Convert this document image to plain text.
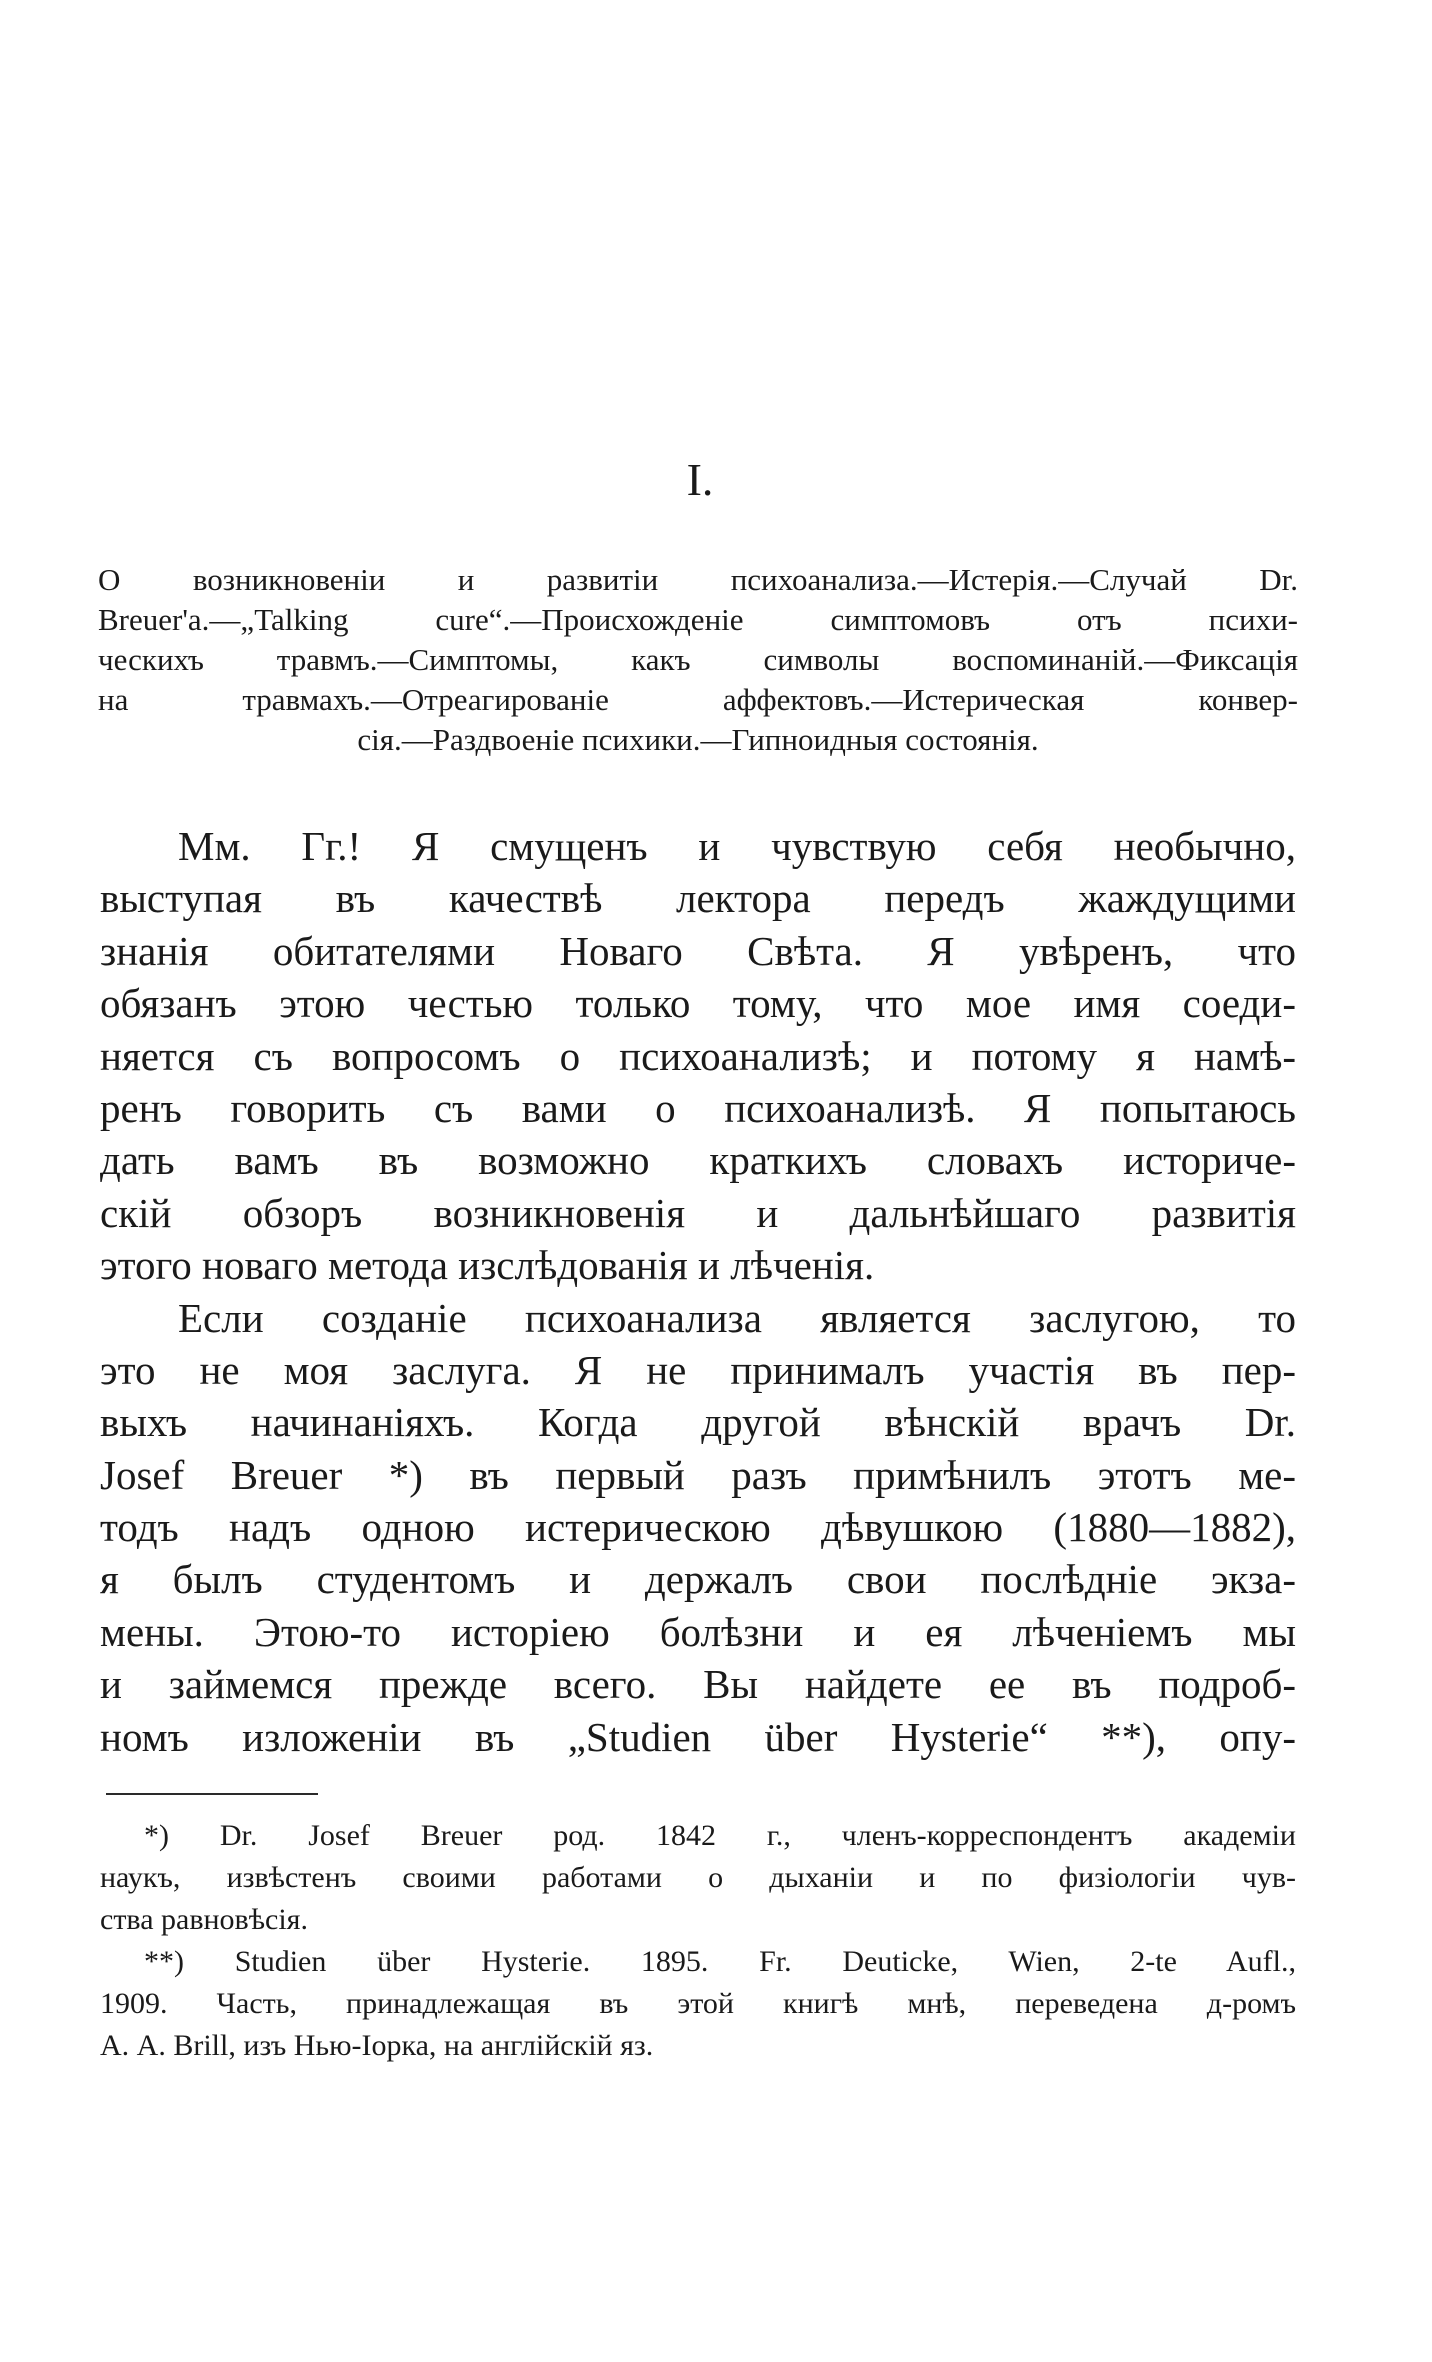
I.
О возникновеніи и развитіи психоанализа.—Истерія.—Случай Dr.
Breuer'a.—„Talking cure“.—Происхожденіе симптомовъ отъ психи-
ческихъ травмъ.—Симптомы, какъ символы воспоминаній.—Фиксація
на травмахъ.—Отреагированіе аффектовъ.—Истерическая конвер-
сія.—Раздвоеніе психики.—Гипноидныя состоянія.
Мм. Гг.! Я смущенъ и чувствую себя необычно,
выступая въ качествѣ лектора передъ жаждущими
знанія обитателями Новаго Свѣта. Я увѣренъ, что
обязанъ этою честью только тому, что мое имя соеди-
няется съ вопросомъ о психоанализѣ; и потому я намѣ-
ренъ говорить съ вами о психоанализѣ. Я попытаюсь
дать вамъ въ возможно краткихъ словахъ историче-
скій обзоръ возникновенія и дальнѣйшаго развитія
этого новаго метода изслѣдованія и лѣченія.
Если созданіе психоанализа является заслугою, то
это не моя заслуга. Я не принималъ участія въ пер-
выхъ начинаніяхъ. Когда другой вѣнскій врачъ Dr.
Josef Breuer *) въ первый разъ примѣнилъ этотъ ме-
тодъ надъ одною истерическою дѣвушкою (1880—1882),
я былъ студентомъ и держалъ свои послѣдніе экза-
мены. Этою-то исторіею болѣзни и ея лѣченіемъ мы
и займемся прежде всего. Вы найдете ее въ подроб-
номъ изложеніи въ „Studien über Hysterie“ **), опу-
*) Dr. Josef Breuer род. 1842 г., членъ-корреспондентъ академіи
наукъ, извѣстенъ своими работами о дыханіи и по физіологіи чув-
ства равновѣсія.
**) Studien über Hysterie. 1895. Fr. Deuticke, Wien, 2-te Aufl.,
1909. Часть, принадлежащая въ этой книгѣ мнѣ, переведена д-ромъ
А. А. Brill, изъ Нью-Іорка, на англійскій яз.
